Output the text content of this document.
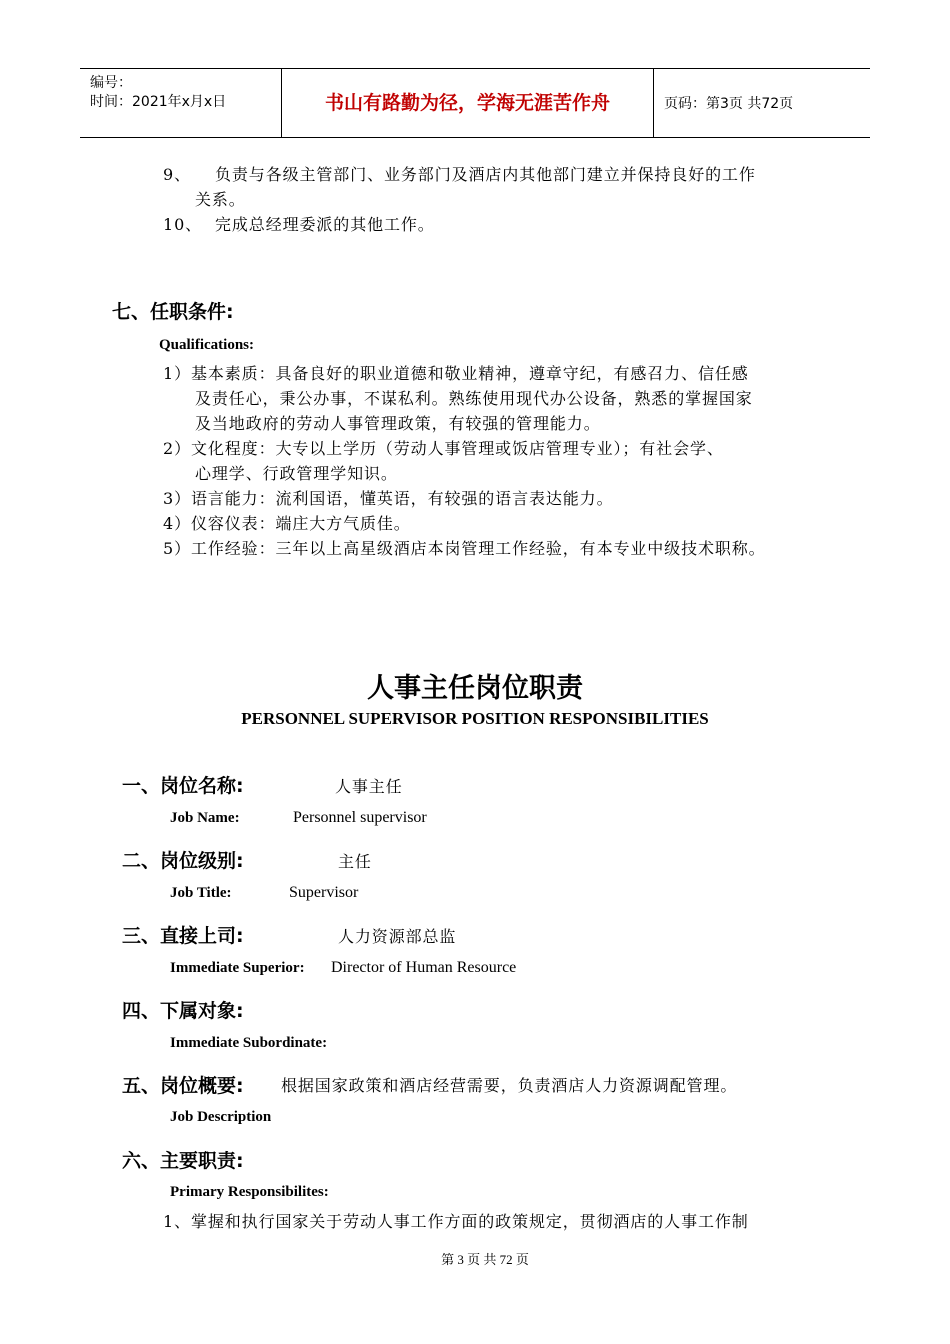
编号：
时间：2021年x月x日	书山有路勤为径，学海无涯苦作舟	页码：第3页 共72页
9、 负责与各级主管部门、业务部门及酒店内其他部门建立并保持良好的工作
关系。
10、 完成总经理委派的其他工作。
七、任职条件:
Qualifications:
1）基本素质：具备良好的职业道德和敬业精神，遵章守纪，有感召力、信任感
及责任心，秉公办事，不谋私利。熟练使用现代办公设备，熟悉的掌握国家
及当地政府的劳动人事管理政策，有较强的管理能力。
2）文化程度：大专以上学历（劳动人事管理或饭店管理专业）；有社会学、
心理学、行政管理学知识。
3）语言能力：流利国语，懂英语，有较强的语言表达能力。
4）仪容仪表：端庄大方气质佳。
5）工作经验：三年以上高星级酒店本岗管理工作经验，有本专业中级技术职称。
人事主任岗位职责
PERSONNEL SUPERVISOR POSITION RESPONSIBILITIES
一、岗位名称:	人事主任
Job Name:	Personnel supervisor
二、岗位级别:	主任
Job Title:	Supervisor
三、直接上司:	人力资源部总监
Immediate Superior: Director of Human Resource
四、下属对象:
Immediate Subordinate:
五、岗位概要: 根据国家政策和酒店经营需要，负责酒店人力资源调配管理。
Job Description
六、主要职责:
Primary Responsibilites:
1、掌握和执行国家关于劳动人事工作方面的政策规定，贯彻酒店的人事工作制
第 3 页 共 72 页
